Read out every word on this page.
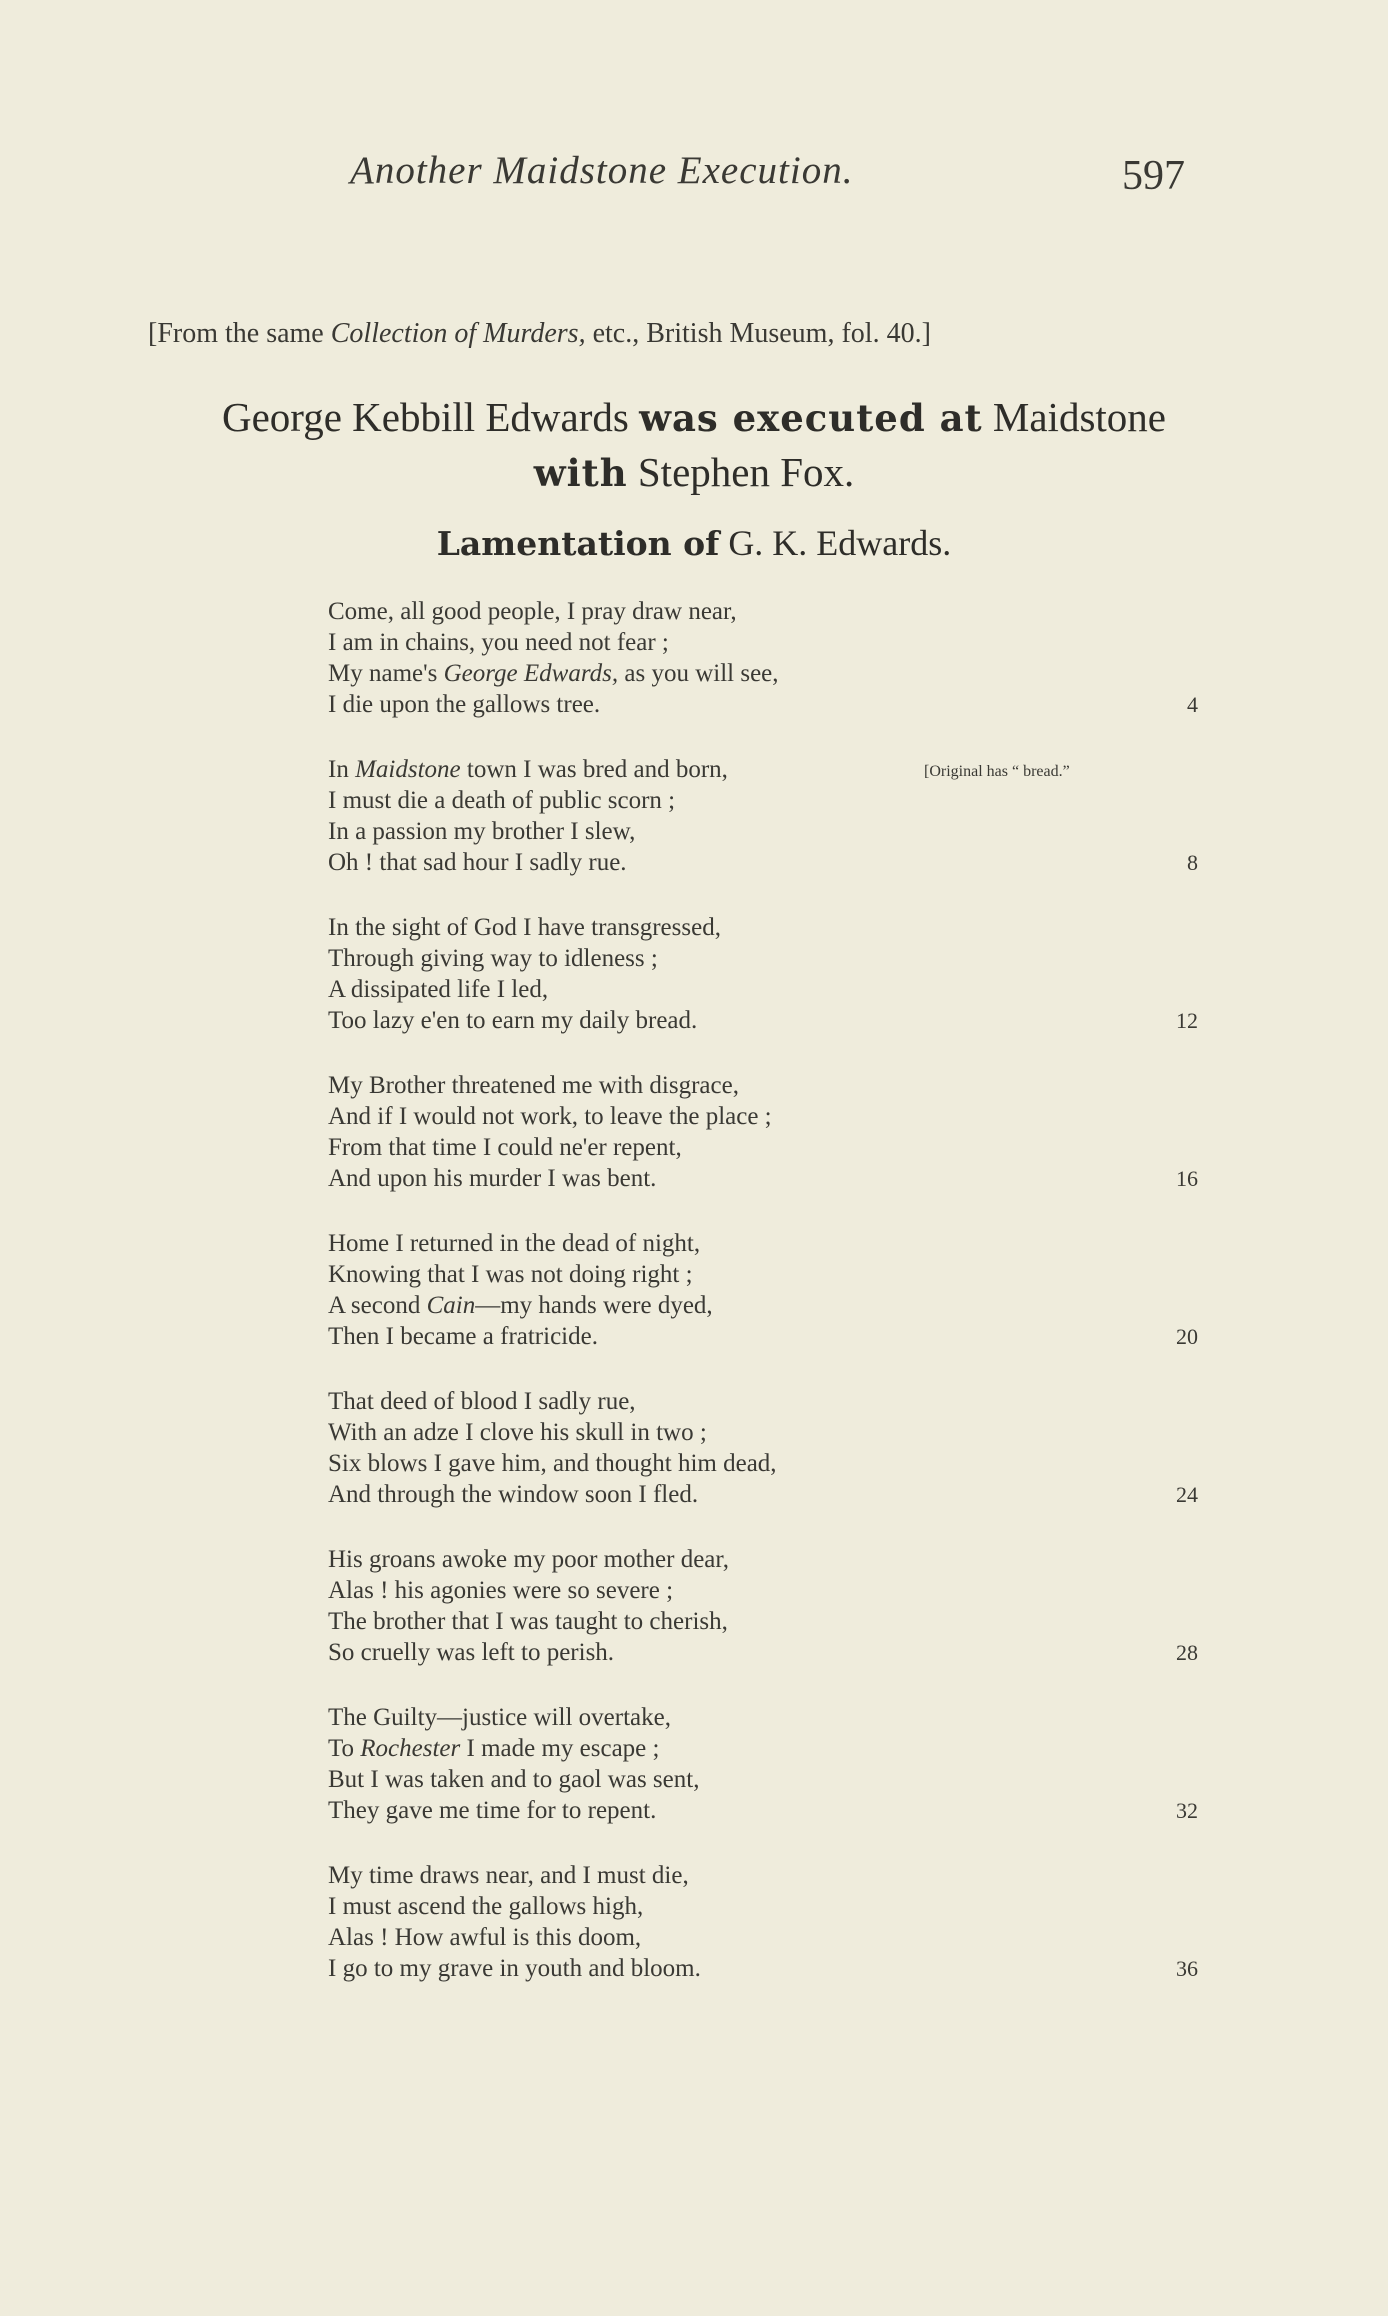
Another Maidstone Execution.	597
[From the same Collection of Murders, etc., British Museum, fol. 40.]
George Kebbill Edwards was executed at Maidstone
with Stephen Fox.
Lamentation of G. K. Edwards.
Come, all good people, I pray draw near,
I am in chains, you need not fear ;
My name's George Edwards, as you will see,
I die upon the gallows tree.	4
In Maidstone town I was bred and born,
I must die a death of public scorn ;
In a passion my brother I slew,
Oh ! that sad hour I sadly rue.
[Original has “ bread.”
8
In the sight of God I have transgressed,
Through giving way to idleness ;
A dissipated life I led,
Too lazy e'en to earn my daily bread.	12
My Brother threatened me with disgrace,
And if I would not work, to leave the place ;
From that time I could ne'er repent,
And upon his murder I was bent.	16
Home I returned in the dead of night,
Knowing that I was not doing right ;
A second Cain—my hands were dyed,
Then I became a fratricide.	20
That deed of blood I sadly rue,
With an adze I clove his skull in two ;
Six blows I gave him, and thought him dead,
And through the window soon I fled.	24
His groans awoke my poor mother dear,
Alas ! his agonies were so severe ;
The brother that I was taught to cherish,
So cruelly was left to perish.	28
The Guilty—justice will overtake,
To Rochester I made my escape ;
But I was taken and to gaol was sent,
They gave me time for to repent.	32
My time draws near, and I must die,
I must ascend the gallows high,
Alas ! How awful is this doom,
I go to my grave in youth and bloom.	36
